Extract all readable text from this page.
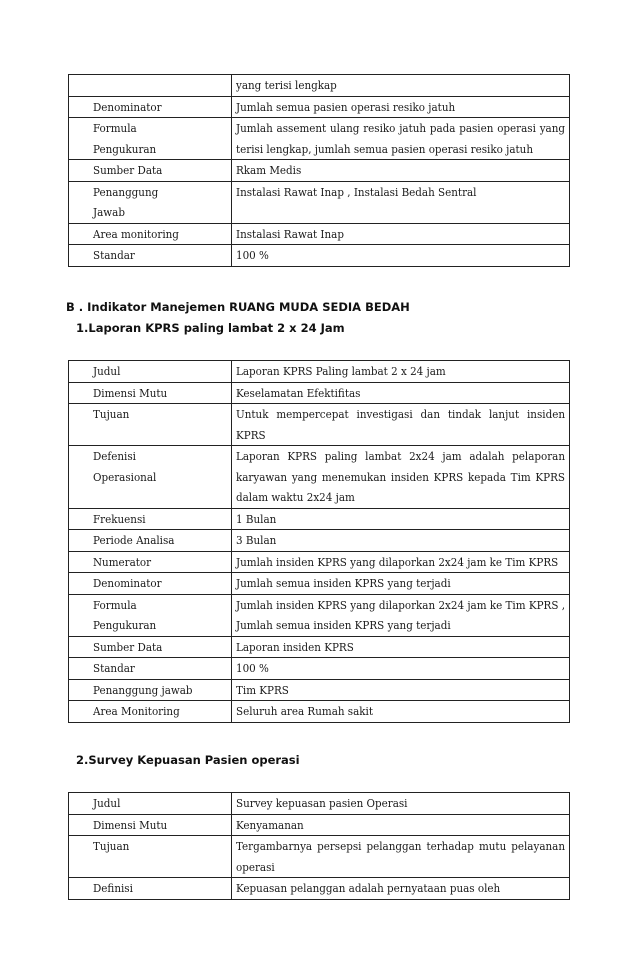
	yang terisi lengkap
Denominator	Jumlah semua pasien operasi resiko jatuh
Formula
Pengukuran	Jumlah assement ulang resiko jatuh pada pasien operasi yang terisi lengkap, jumlah semua pasien operasi resiko jatuh
Sumber Data	Rkam Medis
Penanggung
Jawab	Instalasi Rawat Inap , Instalasi Bedah Sentral
Area monitoring	Instalasi Rawat Inap
Standar	100 %
B . Indikator Manejemen RUANG MUDA SEDIA BEDAH
1.Laporan KPRS paling lambat 2 x 24 Jam
Judul	Laporan KPRS Paling lambat 2 x 24 jam
Dimensi Mutu	Keselamatan Efektifitas
Tujuan	Untuk mempercepat investigasi dan tindak lanjut insiden KPRS
Defenisi
Operasional	Laporan KPRS paling lambat 2x24 jam adalah pelaporan karyawan yang menemukan insiden KPRS kepada Tim KPRS dalam waktu 2x24 jam
Frekuensi	1 Bulan
Periode Analisa	3 Bulan
Numerator	Jumlah insiden KPRS yang dilaporkan 2x24 jam ke Tim KPRS
Denominator	Jumlah semua insiden KPRS yang terjadi
Formula
Pengukuran	Jumlah insiden KPRS yang dilaporkan 2x24 jam ke Tim KPRS , Jumlah semua insiden KPRS yang terjadi
Sumber Data	Laporan insiden KPRS
Standar	100 %
Penanggung jawab	Tim KPRS
Area Monitoring	Seluruh area Rumah sakit
2.Survey Kepuasan Pasien operasi
Judul	Survey kepuasan pasien Operasi
Dimensi Mutu	Kenyamanan
Tujuan	Tergambarnya persepsi pelanggan terhadap mutu pelayanan operasi
Definisi	Kepuasan pelanggan adalah pernyataan puas oleh
